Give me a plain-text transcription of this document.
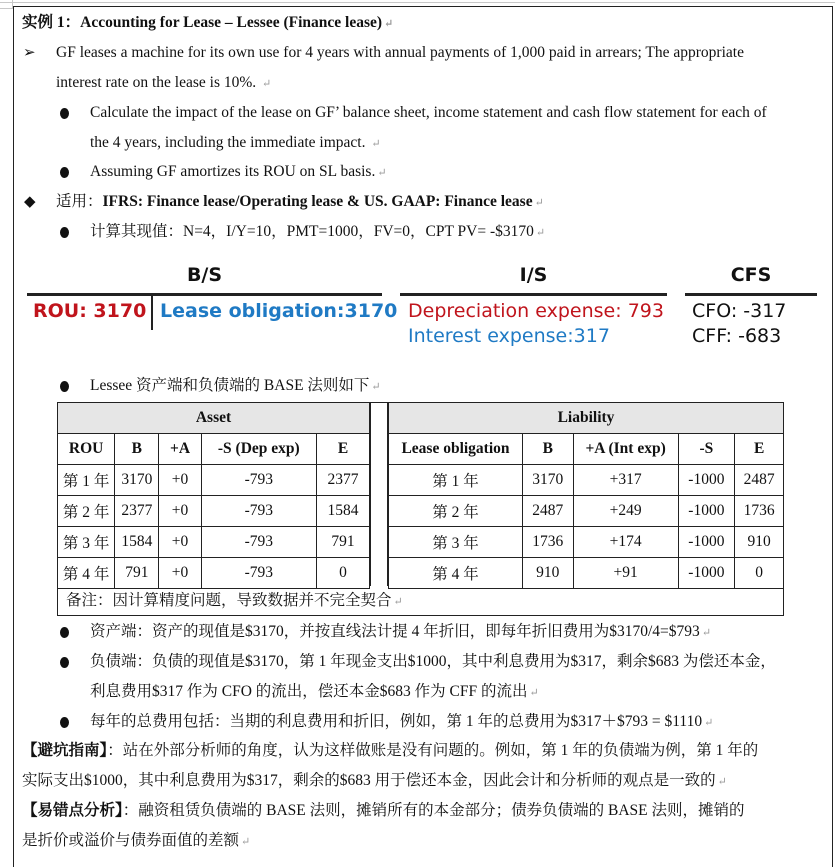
实例 1：Accounting for Lease – Lessee (Finance lease) ↵
➢ GF leases a machine for its own use for 4 years with annual payments of 1,000 paid in arrears; The appropriate
interest rate on the lease is 10%. ↵
Calculate the impact of the lease on GF’ balance sheet, income statement and cash flow statement for each of
the 4 years, including the immediate impact. ↵
Assuming GF amortizes its ROU on SL basis. ↵
◆ 适用：IFRS: Finance lease/Operating lease & US. GAAP: Finance lease ↵
计算其现值：N=4，I/Y=10，PMT=1000，FV=0，CPT PV= -$3170 ↵
B/S
ROU: 3170 Lease obligation:3170
I/S
Depreciation expense: 793
Interest expense:317
CFS
CFO: -317
CFF: -683
Lessee 资产端和负债端的 BASE 法则如下 ↵
Asset				
ROU	B	+A	-S (Dep exp)	E
第 1 年	3170	+0	-793	2377
第 2 年	2377	+0	-793	1584
第 3 年	1584	+0	-793	791
第 4 年	791	+0	-793	0
Liability				
Lease obligation	B	+A (Int exp)	-S	E
第 1 年	3170	+317	-1000	2487
第 2 年	2487	+249	-1000	1736
第 3 年	1736	+174	-1000	910
第 4 年	910	+91	-1000	0
备注：因计算精度问题，导致数据并不完全契合 ↵
资产端：资产的现值是$3170，并按直线法计提 4 年折旧，即每年折旧费用为$3170/4=$793 ↵
负债端：负债的现值是$3170，第 1 年现金支出$1000，其中利息费用为$317，剩余$683 为偿还本金，
利息费用$317 作为 CFO 的流出，偿还本金$683 作为 CFF 的流出 ↵
每年的总费用包括：当期的利息费用和折旧，例如，第 1 年的总费用为$317＋$793 = $1110 ↵
【避坑指南】：站在外部分析师的角度，认为这样做账是没有问题的。例如，第 1 年的负债端为例，第 1 年的
实际支出$1000，其中利息费用为$317，剩余的$683 用于偿还本金，因此会计和分析师的观点是一致的 ↵
【易错点分析】：融资租赁负债端的 BASE 法则，摊销所有的本金部分；债券负债端的 BASE 法则，摊销的
是折价或溢价与债券面值的差额 ↵
